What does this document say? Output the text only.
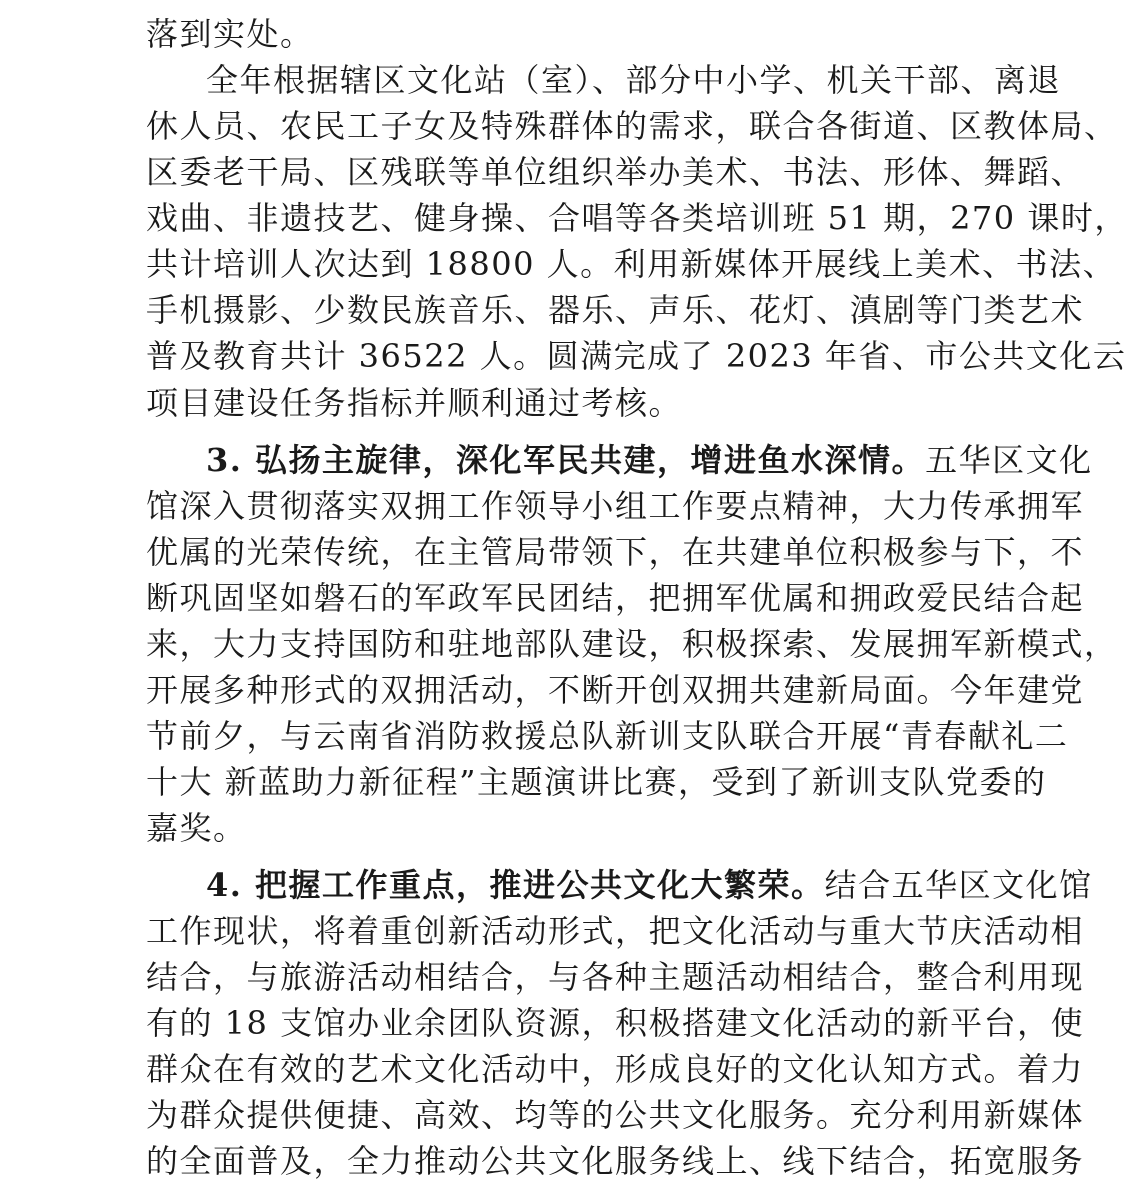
落到实处。
全年根据辖区文化站（室）、部分中小学、机关干部、离退
休人员、农民工子女及特殊群体的需求，联合各街道、区教体局、
区委老干局、区残联等单位组织举办美术、书法、形体、舞蹈、
戏曲、非遗技艺、健身操、合唱等各类培训班 51 期，270 课时，
共计培训人次达到 18800 人。利用新媒体开展线上美术、书法、
手机摄影、少数民族音乐、器乐、声乐、花灯、滇剧等门类艺术
普及教育共计 36522 人。圆满完成了 2023 年省、市公共文化云
项目建设任务指标并顺利通过考核。
3. 弘扬主旋律，深化军民共建，增进鱼水深情。五华区文化
馆深入贯彻落实双拥工作领导小组工作要点精神，大力传承拥军
优属的光荣传统，在主管局带领下，在共建单位积极参与下，不
断巩固坚如磐石的军政军民团结，把拥军优属和拥政爱民结合起
来，大力支持国防和驻地部队建设，积极探索、发展拥军新模式，
开展多种形式的双拥活动，不断开创双拥共建新局面。今年建党
节前夕，与云南省消防救援总队新训支队联合开展“青春献礼二
十大 新蓝助力新征程”主题演讲比赛，受到了新训支队党委的
嘉奖。
4. 把握工作重点，推进公共文化大繁荣。结合五华区文化馆
工作现状，将着重创新活动形式，把文化活动与重大节庆活动相
结合，与旅游活动相结合，与各种主题活动相结合，整合利用现
有的 18 支馆办业余团队资源，积极搭建文化活动的新平台，使
群众在有效的艺术文化活动中，形成良好的文化认知方式。着力
为群众提供便捷、高效、均等的公共文化服务。充分利用新媒体
的全面普及，全力推动公共文化服务线上、线下结合，拓宽服务
